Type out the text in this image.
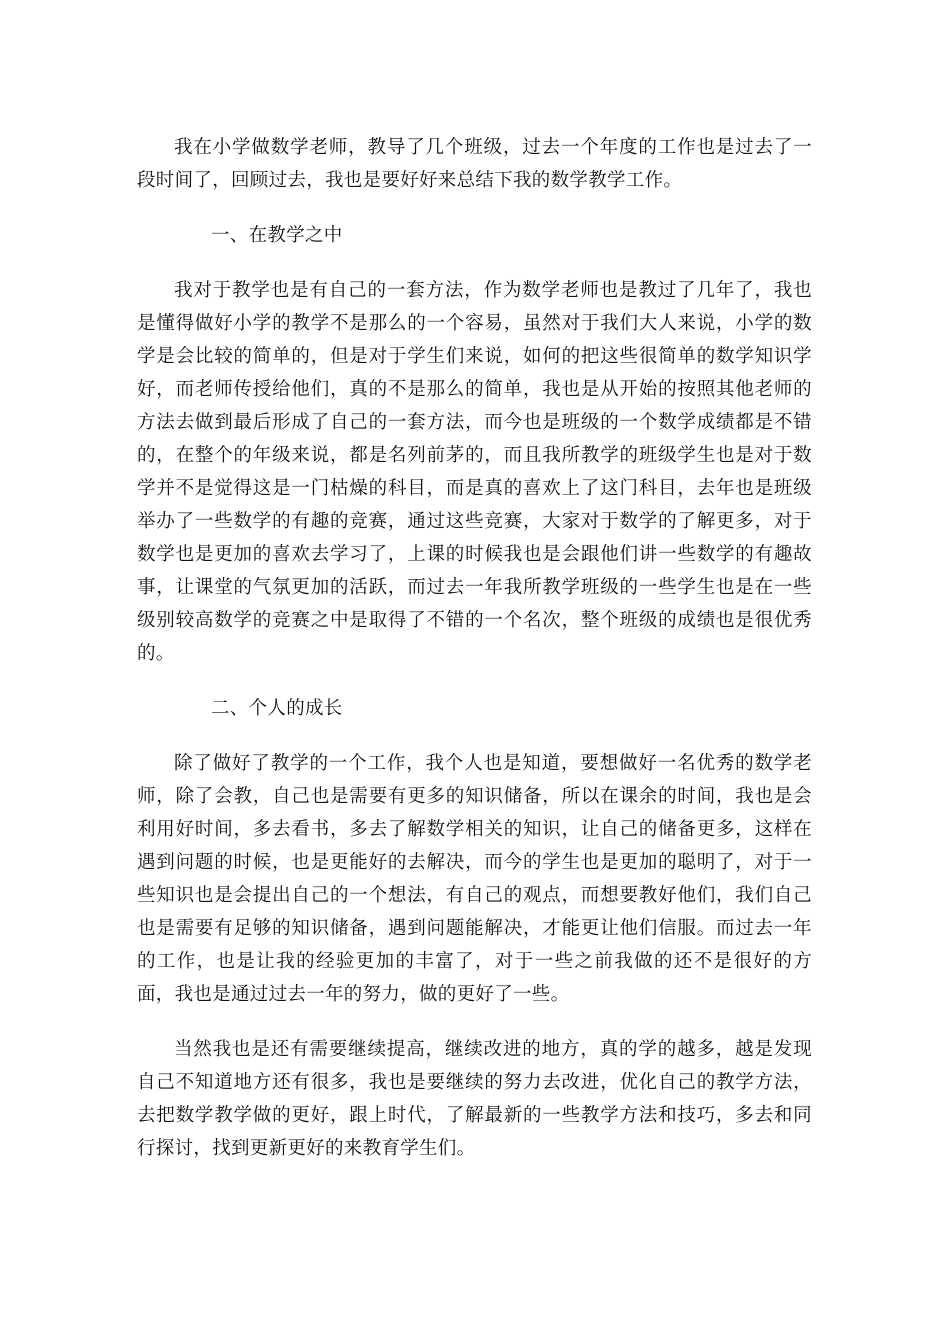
我在小学做数学老师，教导了几个班级，过去一个年度的工作也是过去了一段时间了，回顾过去，我也是要好好来总结下我的数学教学工作。

一、在教学之中

我对于教学也是有自己的一套方法，作为数学老师也是教过了几年了，我也是懂得做好小学的教学不是那么的一个容易，虽然对于我们大人来说，小学的数学是会比较的简单的，但是对于学生们来说，如何的把这些很简单的数学知识学好，而老师传授给他们，真的不是那么的简单，我也是从开始的按照其他老师的方法去做到最后形成了自己的一套方法，而今也是班级的一个数学成绩都是不错的，在整个的年级来说，都是名列前茅的，而且我所教学的班级学生也是对于数学并不是觉得这是一门枯燥的科目，而是真的喜欢上了这门科目，去年也是班级举办了一些数学的有趣的竞赛，通过这些竞赛，大家对于数学的了解更多，对于数学也是更加的喜欢去学习了，上课的时候我也是会跟他们讲一些数学的有趣故事，让课堂的气氛更加的活跃，而过去一年我所教学班级的一些学生也是在一些级别较高数学的竞赛之中是取得了不错的一个名次，整个班级的成绩也是很优秀的。

二、个人的成长

除了做好了教学的一个工作，我个人也是知道，要想做好一名优秀的数学老师，除了会教，自己也是需要有更多的知识储备，所以在课余的时间，我也是会利用好时间，多去看书，多去了解数学相关的知识，让自己的储备更多，这样在遇到问题的时候，也是更能好的去解决，而今的学生也是更加的聪明了，对于一些知识也是会提出自己的一个想法，有自己的观点，而想要教好他们，我们自己也是需要有足够的知识储备，遇到问题能解决，才能更让他们信服。而过去一年的工作，也是让我的经验更加的丰富了，对于一些之前我做的还不是很好的方面，我也是通过过去一年的努力，做的更好了一些。

当然我也是还有需要继续提高，继续改进的地方，真的学的越多，越是发现自己不知道地方还有很多，我也是要继续的努力去改进，优化自己的教学方法，去把数学教学做的更好，跟上时代，了解最新的一些教学方法和技巧，多去和同行探讨，找到更新更好的来教育学生们。
